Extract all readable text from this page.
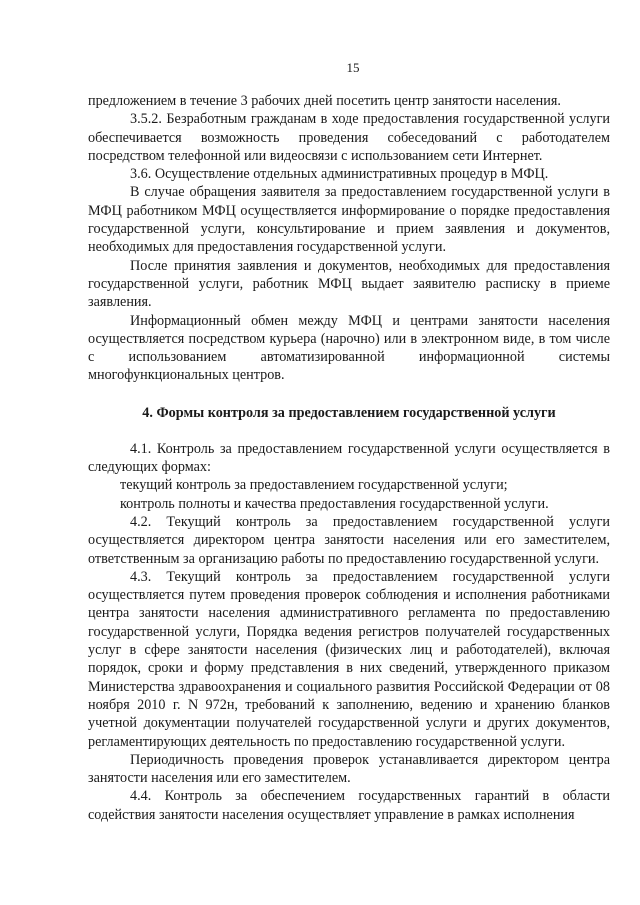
15

предложением в течение 3 рабочих дней посетить центр занятости населения.

3.5.2. Безработным гражданам в ходе предоставления государственной услуги обеспечивается возможность проведения собеседований с работодателем посредством телефонной или видеосвязи с использованием сети Интернет.

3.6. Осуществление отдельных административных процедур в МФЦ.

В случае обращения заявителя за предоставлением государственной услуги в МФЦ работником МФЦ осуществляется информирование о порядке предоставления государственной услуги, консультирование и прием заявления и документов, необходимых для предоставления государственной услуги.

После принятия заявления и документов, необходимых для предоставления государственной услуги, работник МФЦ выдает заявителю расписку в приеме заявления.

Информационный обмен между МФЦ и центрами занятости населения осуществляется посредством курьера (нарочно) или в электронном виде, в том числе с использованием автоматизированной информационной системы многофункциональных центров.

4. Формы контроля за предоставлением государственной услуги

4.1. Контроль за предоставлением государственной услуги осуществляется в следующих формах:

текущий контроль за предоставлением государственной услуги;

контроль полноты и качества предоставления государственной услуги.

4.2. Текущий контроль за предоставлением государственной услуги осуществляется директором центра занятости населения или его заместителем, ответственным за организацию работы по предоставлению государственной услуги.

4.3. Текущий контроль за предоставлением государственной услуги осуществляется путем проведения проверок соблюдения и исполнения работниками центра занятости населения административного регламента по предоставлению государственной услуги, Порядка ведения регистров получателей государственных услуг в сфере занятости населения (физических лиц и работодателей), включая порядок, сроки и форму представления в них сведений, утвержденного приказом Министерства здравоохранения и социального развития Российской Федерации от 08 ноября 2010 г. N 972н, требований к заполнению, ведению и хранению бланков учетной документации получателей государственной услуги и других документов, регламентирующих деятельность по предоставлению государственной услуги.

Периодичность проведения проверок устанавливается директором центра занятости населения или его заместителем.

4.4. Контроль за обеспечением государственных гарантий в области содействия занятости населения осуществляет управление в рамках исполнения
